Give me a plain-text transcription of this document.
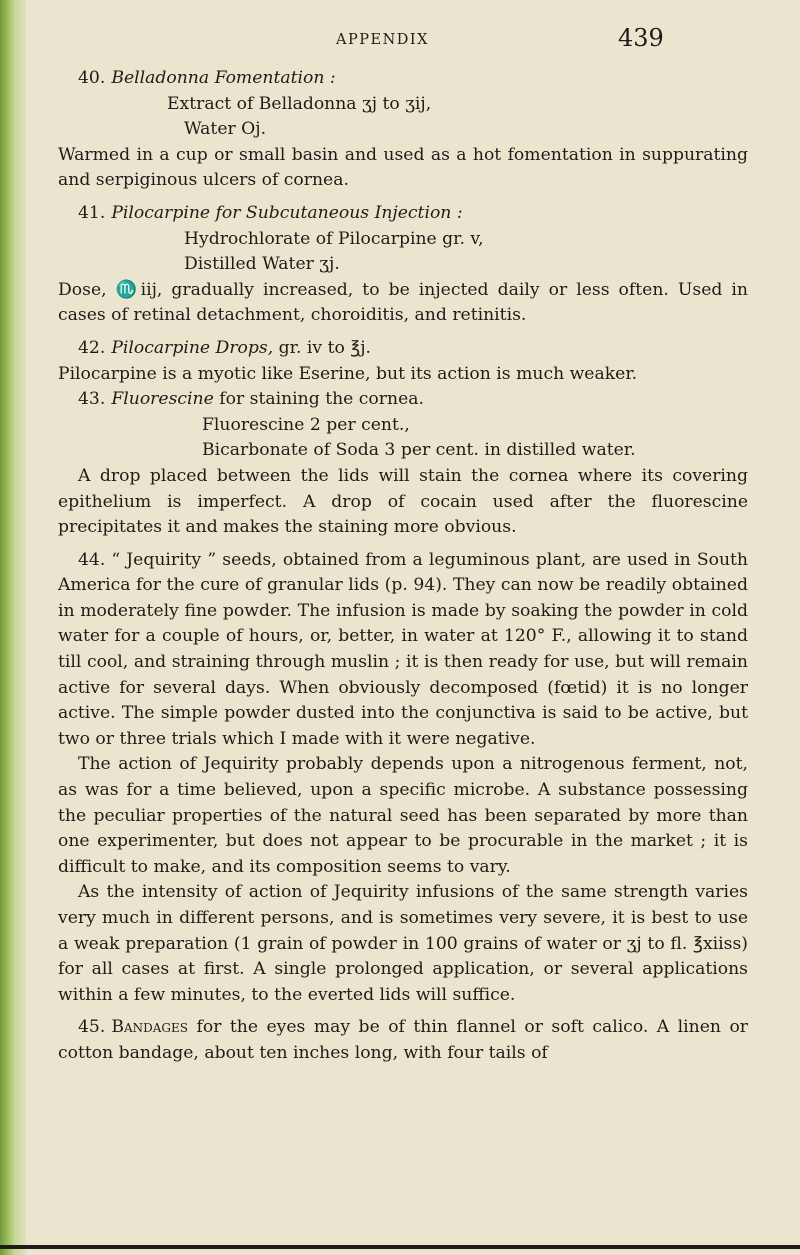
APPENDIX	439

40. Belladonna Fomentation :

Extract of Belladonna ʒj to ʒij,

Water Oj.

Warmed in a cup or small basin and used as a hot fomentation in suppurating and serpiginous ulcers of cornea.

41. Pilocarpine for Subcutaneous Injection :

Hydrochlorate of Pilocarpine gr. v,

Distilled Water ʒj.

Dose, ♏iij, gradually increased, to be injected daily or less often. Used in cases of retinal detachment, choroiditis, and retinitis.

42. Pilocarpine Drops, gr. iv to ℥j.

Pilocarpine is a myotic like Eserine, but its action is much weaker.

43. Fluorescine for staining the cornea.

Fluorescine 2 per cent.,

Bicarbonate of Soda 3 per cent. in distilled water.

A drop placed between the lids will stain the cornea where its covering epithelium is imperfect. A drop of cocain used after the fluorescine precipitates it and makes the staining more obvious.

44. “ Jequirity ” seeds, obtained from a leguminous plant, are used in South America for the cure of granular lids (p. 94). They can now be readily obtained in moderately fine powder. The infusion is made by soaking the powder in cold water for a couple of hours, or, better, in water at 120° F., allowing it to stand till cool, and straining through muslin ; it is then ready for use, but will remain active for several days. When obviously decomposed (fœtid) it is no longer active. The simple powder dusted into the conjunctiva is said to be active, but two or three trials which I made with it were negative.

The action of Jequirity probably depends upon a nitrogenous ferment, not, as was for a time believed, upon a specific microbe. A substance possessing the peculiar properties of the natural seed has been separated by more than one experimenter, but does not appear to be procurable in the market ; it is difficult to make, and its composition seems to vary.

As the intensity of action of Jequirity infusions of the same strength varies very much in different persons, and is sometimes very severe, it is best to use a weak preparation (1 grain of powder in 100 grains of water or ʒj to fl. ℥xiiss) for all cases at first. A single prolonged application, or several applications within a few minutes, to the everted lids will suffice.

45. Bandages for the eyes may be of thin flannel or soft calico. A linen or cotton bandage, about ten inches long, with four tails of
